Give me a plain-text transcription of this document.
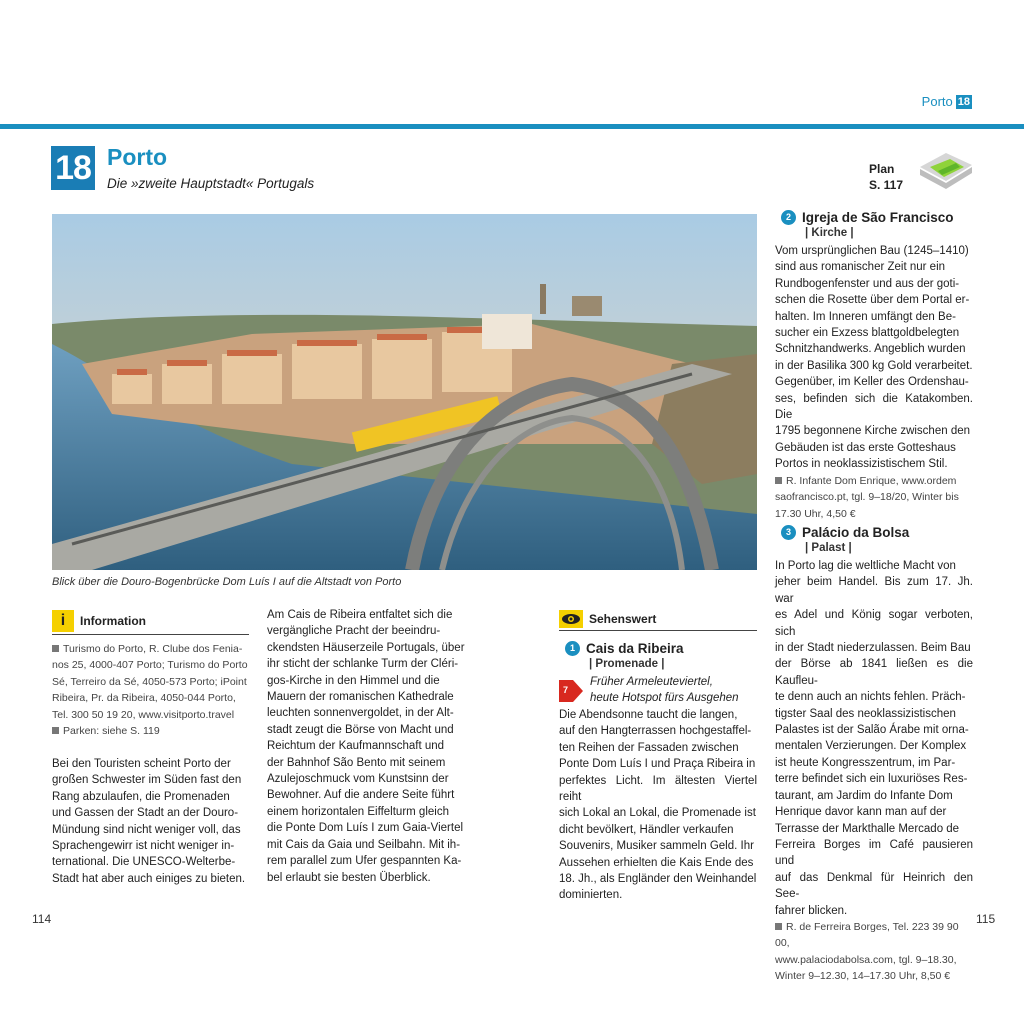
Porto 18
18 Porto
Die »zweite Hauptstadt« Portugals
Plan
S. 117
Blick über die Douro-Bogenbrücke Dom Luís I auf die Altstadt von Porto
i	Information
Turismo do Porto, R. Clube dos Fenia-
nos 25, 4000-407 Porto; Turismo do Porto
Sé, Terreiro da Sé, 4050-573 Porto; iPoint
Ribeira, Pr. da Ribeira, 4050-044 Porto,
Tel. 300 50 19 20, www.visitporto.travel
Parken: siehe S. 119
Bei den Touristen scheint Porto der
großen Schwester im Süden fast den
Rang abzulaufen, die Promenaden
und Gassen der Stadt an der Douro-
Mündung sind nicht weniger voll, das
Sprachengewirr ist nicht weniger in-
ternational. Die UNESCO-Welterbe-
Stadt hat aber auch einiges zu bieten.
Am Cais de Ribeira entfaltet sich die
vergängliche Pracht der beeindru-
ckendsten Häuserzeile Portugals, über
ihr sticht der schlanke Turm der Cléri-
gos-Kirche in den Himmel und die
Mauern der romanischen Kathedrale
leuchten sonnenvergoldet, in der Alt-
stadt zeugt die Börse von Macht und
Reichtum der Kaufmannschaft und
der Bahnhof São Bento mit seinem
Azulejoschmuck vom Kunstsinn der
Bewohner. Auf die andere Seite führt
einem horizontalen Eiffelturm gleich
die Ponte Dom Luís I zum Gaia-Viertel
mit Cais da Gaia und Seilbahn. Mit ih-
rem parallel zum Ufer gespannten Ka-
bel erlaubt sie besten Überblick.
Sehenswert
1 Cais da Ribeira
| Promenade |
7
Früher Armeleuteviertel,
heute Hotspot fürs Ausgehen
Die Abendsonne taucht die langen,
auf den Hangterrassen hochgestaffel-
ten Reihen der Fassaden zwischen
Ponte Dom Luís I und Praça Ribeira in
perfektes Licht. Im ältesten Viertel reiht
sich Lokal an Lokal, die Promenade ist
dicht bevölkert, Händler verkaufen
Souvenirs, Musiker sammeln Geld. Ihr
Aussehen erhielten die Kais Ende des
18. Jh., als Engländer den Weinhandel
dominierten.
2 Igreja de São Francisco
| Kirche |
Vom ursprünglichen Bau (1245–1410)
sind aus romanischer Zeit nur ein
Rundbogenfenster und aus der goti-
schen die Rosette über dem Portal er-
halten. Im Inneren umfängt den Be-
sucher ein Exzess blattgoldbelegten
Schnitzhandwerks. Angeblich wurden
in der Basilika 300 kg Gold verarbeitet.
Gegenüber, im Keller des Ordenshau-
ses, befinden sich die Katakomben. Die
1795 begonnene Kirche zwischen den
Gebäuden ist das erste Gotteshaus
Portos in neoklassizistischem Stil.
R. Infante Dom Enrique, www.ordem
saofrancisco.pt, tgl. 9–18/20, Winter bis
17.30 Uhr, 4,50 €
3 Palácio da Bolsa
| Palast |
In Porto lag die weltliche Macht von
jeher beim Handel. Bis zum 17. Jh. war
es Adel und König sogar verboten, sich
in der Stadt niederzulassen. Beim Bau
der Börse ab 1841 ließen es die Kaufleu-
te denn auch an nichts fehlen. Präch-
tigster Saal des neoklassizistischen
Palastes ist der Salão Árabe mit orna-
mentalen Verzierungen. Der Komplex
ist heute Kongresszentrum, im Par-
terre befindet sich ein luxuriöses Res-
taurant, am Jardim do Infante Dom
Henrique davor kann man auf der
Terrasse der Markthalle Mercado de
Ferreira Borges im Café pausieren und
auf das Denkmal für Heinrich den See-
fahrer blicken.
R. de Ferreira Borges, Tel. 223 39 90 00,
www.palaciodabolsa.com, tgl. 9–18.30,
Winter 9–12.30, 14–17.30 Uhr, 8,50 €
114	115
